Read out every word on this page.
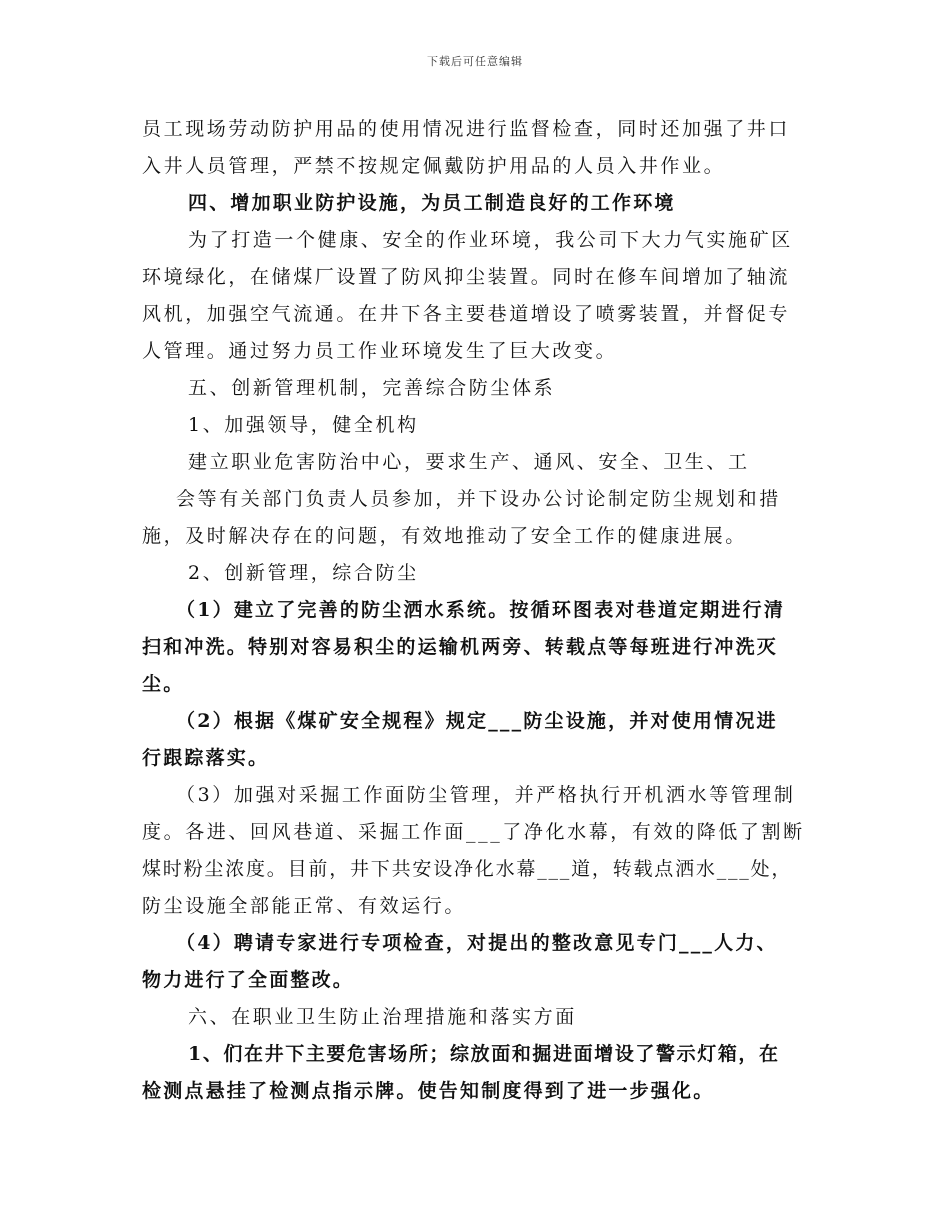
下载后可任意编辑
员工现场劳动防护用品的使用情况进行监督检查，同时还加强了井口
入井人员管理，严禁不按规定佩戴防护用品的人员入井作业。
四、增加职业防护设施，为员工制造良好的工作环境
为了打造一个健康、安全的作业环境，我公司下大力气实施矿区
环境绿化，在储煤厂设置了防风抑尘装置。同时在修车间增加了轴流
风机，加强空气流通。在井下各主要巷道增设了喷雾装置，并督促专
人管理。通过努力员工作业环境发生了巨大改变。
五、创新管理机制，完善综合防尘体系
1、加强领导，健全机构
建立职业危害防治中心，要求生产、通风、安全、卫生、工
会等有关部门负责人员参加，并下设办公讨论制定防尘规划和措
施，及时解决存在的问题，有效地推动了安全工作的健康进展。
2、创新管理，综合防尘
（1）建立了完善的防尘洒水系统。按循环图表对巷道定期进行清
扫和冲洗。特别对容易积尘的运输机两旁、转载点等每班进行冲洗灭
尘。
（2）根据《煤矿安全规程》规定___防尘设施，并对使用情况进
行跟踪落实。
（3）加强对采掘工作面防尘管理，并严格执行开机洒水等管理制
度。各进、回风巷道、采掘工作面___了净化水幕，有效的降低了割断
煤时粉尘浓度。目前，井下共安设净化水幕___道，转载点洒水___处，
防尘设施全部能正常、有效运行。
（4）聘请专家进行专项检查，对提出的整改意见专门___人力、
物力进行了全面整改。
六、在职业卫生防止治理措施和落实方面
1、们在井下主要危害场所；综放面和掘进面增设了警示灯箱，在
检测点悬挂了检测点指示牌。使告知制度得到了进一步强化。
